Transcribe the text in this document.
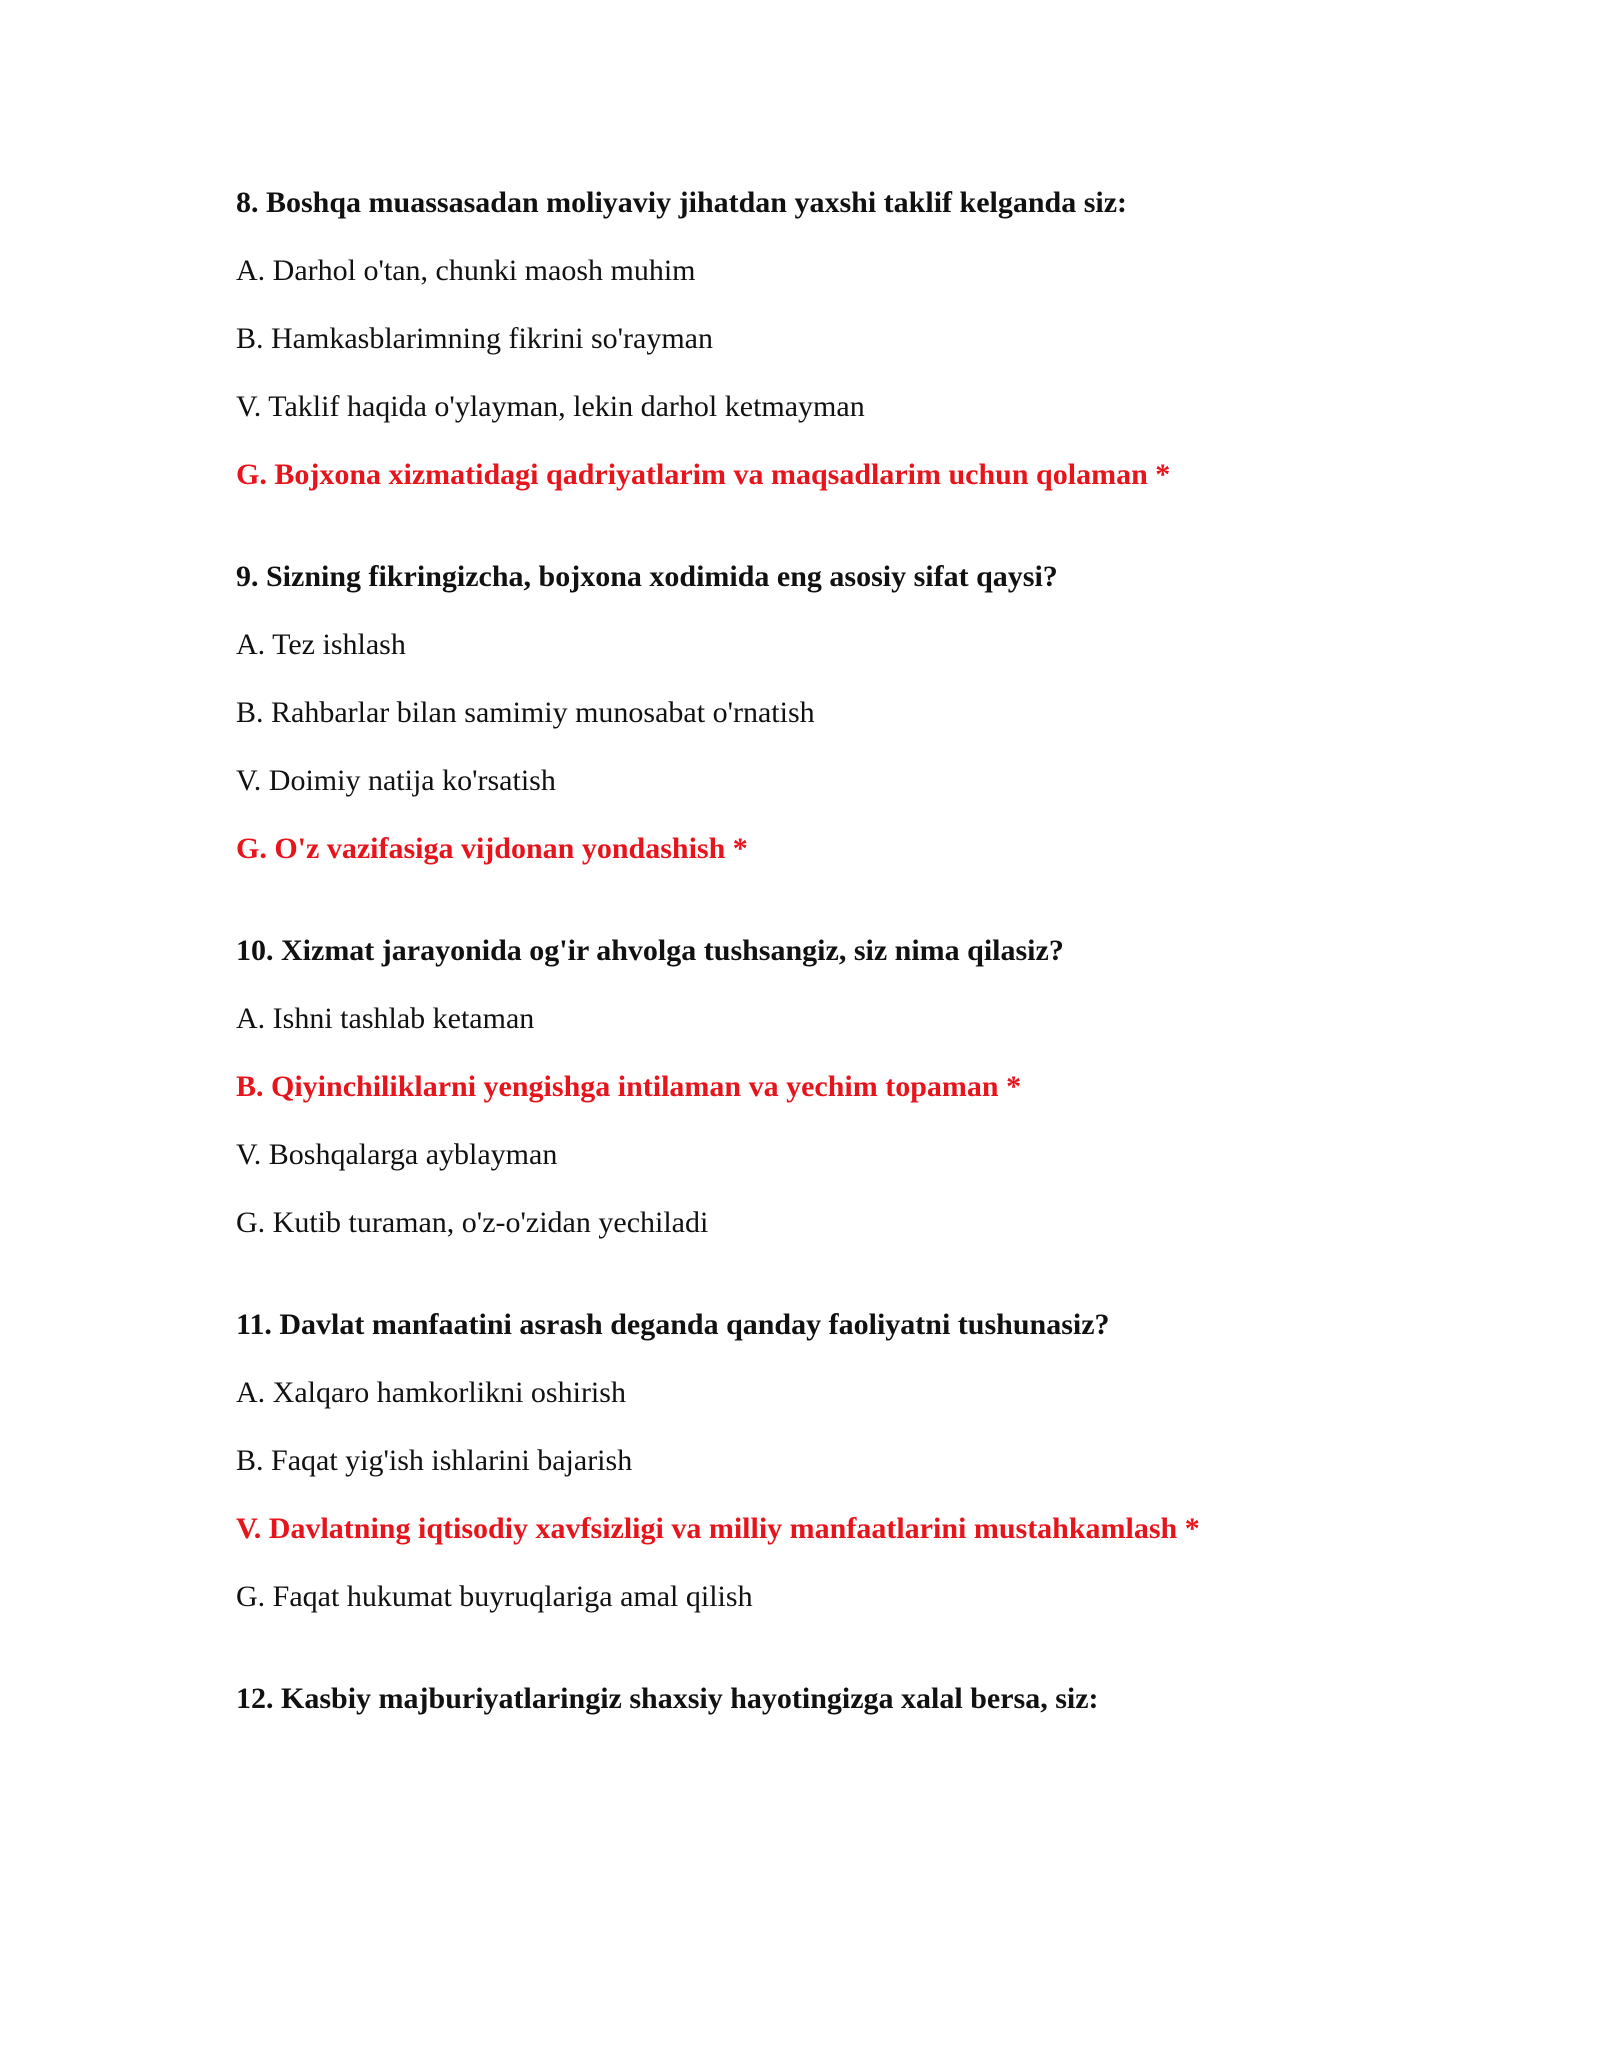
8. Boshqa muassasadan moliyaviy jihatdan yaxshi taklif kelganda siz:
A. Darhol o'tan, chunki maosh muhim
B. Hamkasblarimning fikrini so'rayman
V. Taklif haqida o'ylayman, lekin darhol ketmayman
G. Bojxona xizmatidagi qadriyatlarim va maqsadlarim uchun qolaman *
9. Sizning fikringizcha, bojxona xodimida eng asosiy sifat qaysi?
A. Tez ishlash
B. Rahbarlar bilan samimiy munosabat o'rnatish
V. Doimiy natija ko'rsatish
G. O'z vazifasiga vijdonan yondashish *
10. Xizmat jarayonida og'ir ahvolga tushsangiz, siz nima qilasiz?
A. Ishni tashlab ketaman
B. Qiyinchiliklarni yengishga intilaman va yechim topaman *
V. Boshqalarga ayblayman
G. Kutib turaman, o'z-o'zidan yechiladi
11. Davlat manfaatini asrash deganda qanday faoliyatni tushunasiz?
A. Xalqaro hamkorlikni oshirish
B. Faqat yig'ish ishlarini bajarish
V. Davlatning iqtisodiy xavfsizligi va milliy manfaatlarini mustahkamlash *
G. Faqat hukumat buyruqlariga amal qilish
12. Kasbiy majburiyatlaringiz shaxsiy hayotingizga xalal bersa, siz:
